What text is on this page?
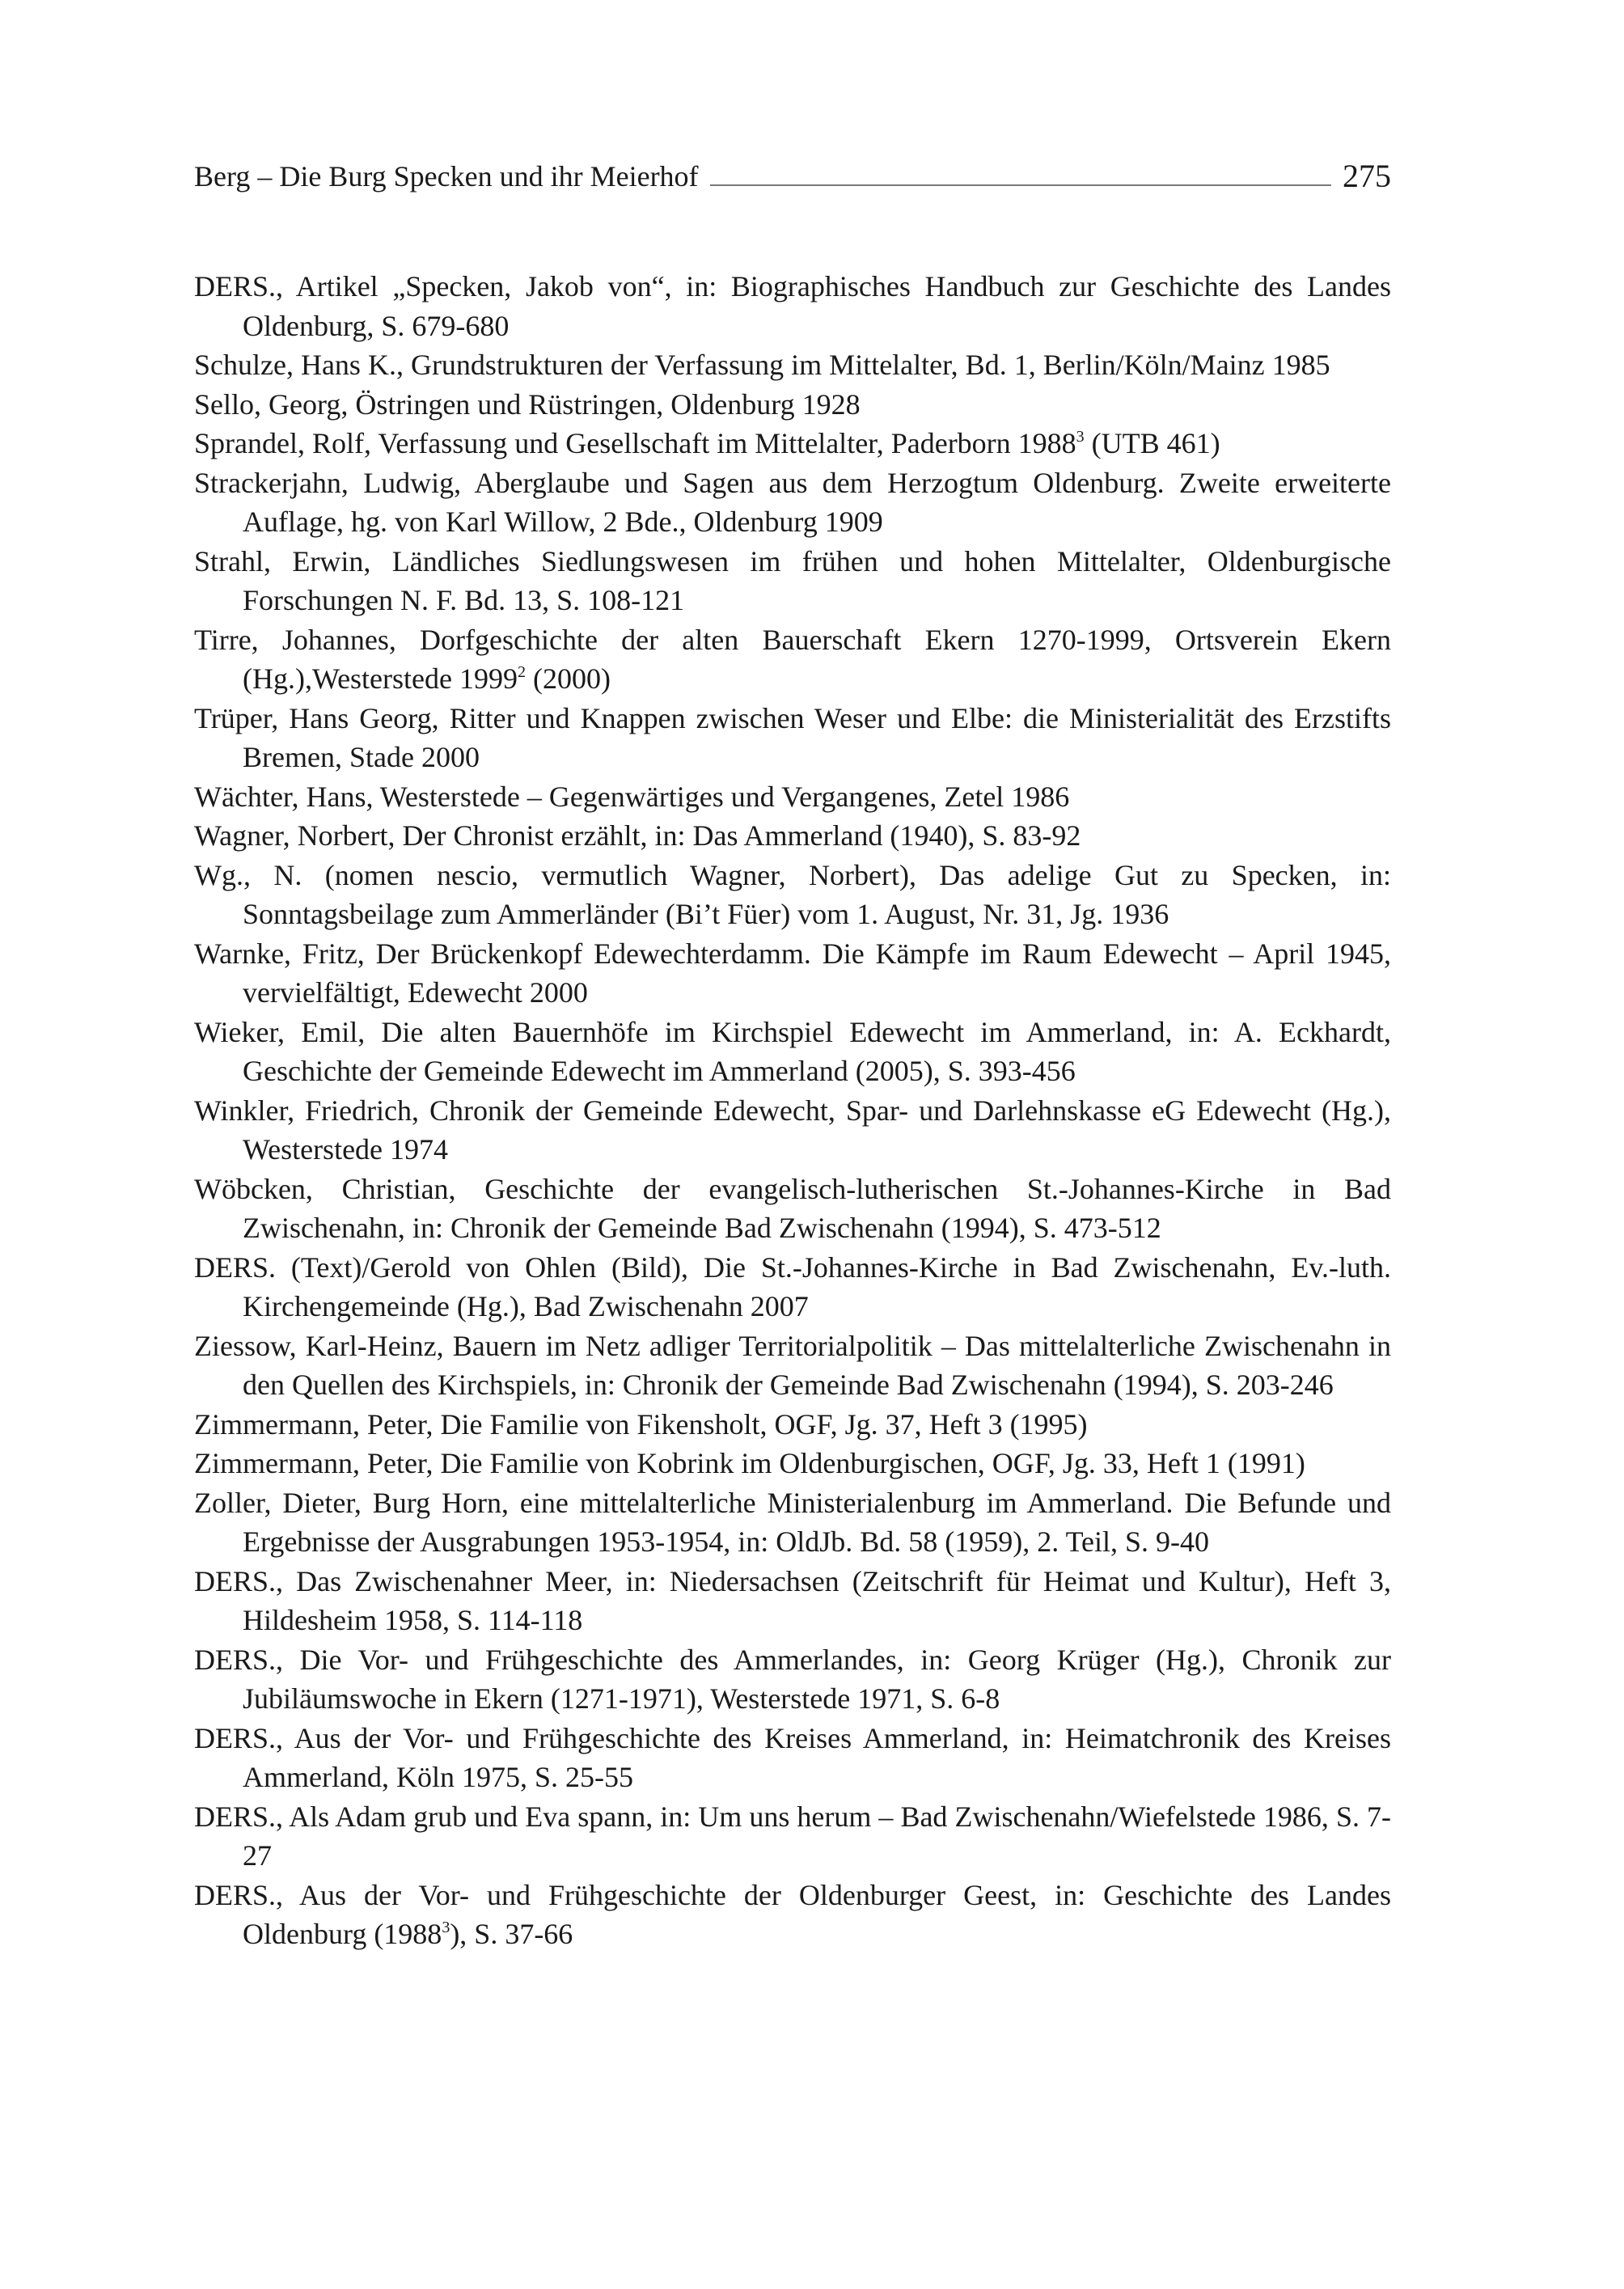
Berg – Die Burg Specken und ihr Meierhof	275

DERS., Artikel „Specken, Jakob von“, in: Biographisches Handbuch zur Geschichte des Landes Oldenburg, S. 679-680

Schulze, Hans K., Grundstrukturen der Verfassung im Mittelalter, Bd. 1, Berlin/Köln/Mainz 1985

Sello, Georg, Östringen und Rüstringen, Oldenburg 1928

Sprandel, Rolf, Verfassung und Gesellschaft im Mittelalter, Paderborn 1988$^3$ (UTB 461)

Strackerjahn, Ludwig, Aberglaube und Sagen aus dem Herzogtum Oldenburg. Zweite erweiterte Auflage, hg. von Karl Willow, 2 Bde., Oldenburg 1909

Strahl, Erwin, Ländliches Siedlungswesen im frühen und hohen Mittelalter, Oldenburgische Forschungen N. F. Bd. 13, S. 108-121

Tirre, Johannes, Dorfgeschichte der alten Bauerschaft Ekern 1270-1999, Ortsverein Ekern (Hg.),Westerstede 1999$^2$ (2000)

Trüper, Hans Georg, Ritter und Knappen zwischen Weser und Elbe: die Ministerialität des Erzstifts Bremen, Stade 2000

Wächter, Hans, Westerstede – Gegenwärtiges und Vergangenes, Zetel 1986

Wagner, Norbert, Der Chronist erzählt, in: Das Ammerland (1940), S. 83-92

Wg., N. (nomen nescio, vermutlich Wagner, Norbert), Das adelige Gut zu Specken, in: Sonntagsbeilage zum Ammerländer (Bi’t Füer) vom 1. August, Nr. 31, Jg. 1936

Warnke, Fritz, Der Brückenkopf Edewechterdamm. Die Kämpfe im Raum Edewecht – April 1945, vervielfältigt, Edewecht 2000

Wieker, Emil, Die alten Bauernhöfe im Kirchspiel Edewecht im Ammerland, in: A. Eckhardt, Geschichte der Gemeinde Edewecht im Ammerland (2005), S. 393-456

Winkler, Friedrich, Chronik der Gemeinde Edewecht, Spar- und Darlehnskasse eG Edewecht (Hg.), Westerstede 1974

Wöbcken, Christian, Geschichte der evangelisch-lutherischen St.-Johannes-Kirche in Bad Zwischenahn, in: Chronik der Gemeinde Bad Zwischenahn (1994), S. 473-512

DERS. (Text)/Gerold von Ohlen (Bild), Die St.-Johannes-Kirche in Bad Zwischenahn, Ev.-luth. Kirchengemeinde (Hg.), Bad Zwischenahn 2007

Ziessow, Karl-Heinz, Bauern im Netz adliger Territorialpolitik – Das mittelalterliche Zwischenahn in den Quellen des Kirchspiels, in: Chronik der Gemeinde Bad Zwischenahn (1994), S. 203-246

Zimmermann, Peter, Die Familie von Fikensholt, OGF, Jg. 37, Heft 3 (1995)

Zimmermann, Peter, Die Familie von Kobrink im Oldenburgischen, OGF, Jg. 33, Heft 1 (1991)

Zoller, Dieter, Burg Horn, eine mittelalterliche Ministerialenburg im Ammerland. Die Befunde und Ergebnisse der Ausgrabungen 1953-1954, in: OldJb. Bd. 58 (1959), 2. Teil, S. 9-40

DERS., Das Zwischenahner Meer, in: Niedersachsen (Zeitschrift für Heimat und Kultur), Heft 3, Hildesheim 1958, S. 114-118

DERS., Die Vor- und Frühgeschichte des Ammerlandes, in: Georg Krüger (Hg.), Chronik zur Jubiläumswoche in Ekern (1271-1971), Westerstede 1971, S. 6-8

DERS., Aus der Vor- und Frühgeschichte des Kreises Ammerland, in: Heimatchronik des Kreises Ammerland, Köln 1975, S. 25-55

DERS., Als Adam grub und Eva spann, in: Um uns herum – Bad Zwischenahn/Wiefelstede 1986, S. 7-27

DERS., Aus der Vor- und Frühgeschichte der Oldenburger Geest, in: Geschichte des Landes Oldenburg (1988$^3$), S. 37-66
